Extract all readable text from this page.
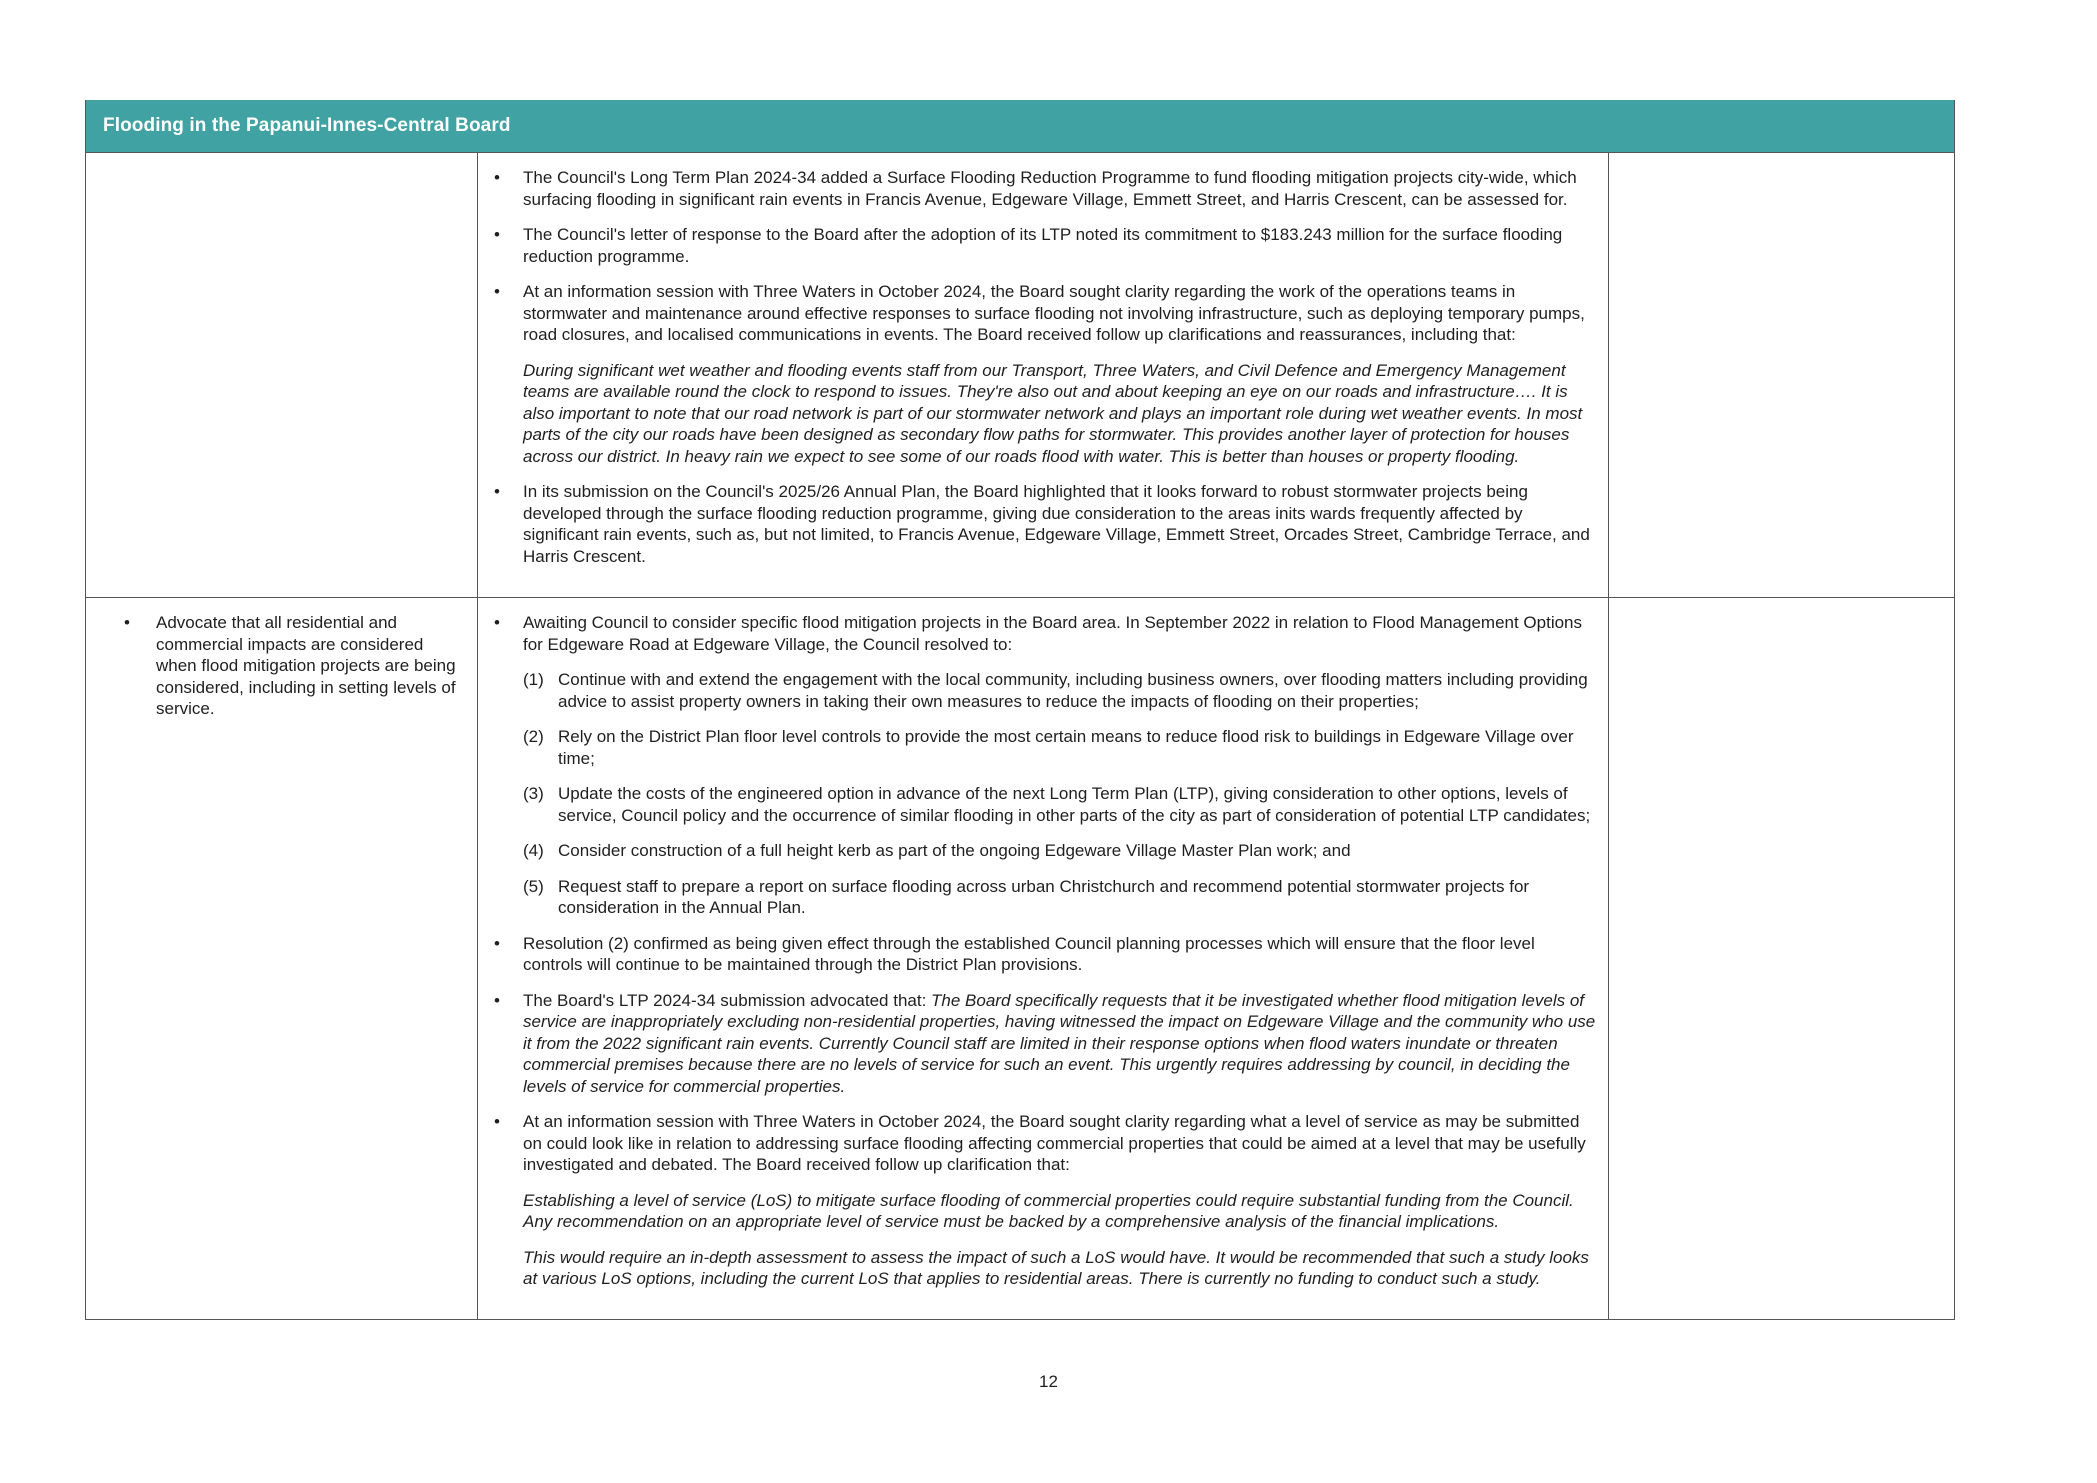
Flooding in the Papanui-Innes-Central Board
• The Council's Long Term Plan 2024-34 added a Surface Flooding Reduction Programme to fund flooding mitigation projects city-wide, which surfacing flooding in significant rain events in Francis Avenue, Edgeware Village, Emmett Street, and Harris Crescent, can be assessed for.
• The Council's letter of response to the Board after the adoption of its LTP noted its commitment to $183.243 million for the surface flooding reduction programme.
• At an information session with Three Waters in October 2024, the Board sought clarity regarding the work of the operations teams in stormwater and maintenance around effective responses to surface flooding not involving infrastructure, such as deploying temporary pumps, road closures, and localised communications in events. The Board received follow up clarifications and reassurances, including that:
During significant wet weather and flooding events staff from our Transport, Three Waters, and Civil Defence and Emergency Management teams are available round the clock to respond to issues. They're also out and about keeping an eye on our roads and infrastructure…. It is also important to note that our road network is part of our stormwater network and plays an important role during wet weather events. In most parts of the city our roads have been designed as secondary flow paths for stormwater. This provides another layer of protection for houses across our district. In heavy rain we expect to see some of our roads flood with water. This is better than houses or property flooding.
• In its submission on the Council's 2025/26 Annual Plan, the Board highlighted that it looks forward to robust stormwater projects being developed through the surface flooding reduction programme, giving due consideration to the areas inits wards frequently affected by significant rain events, such as, but not limited, to Francis Avenue, Edgeware Village, Emmett Street, Orcades Street, Cambridge Terrace, and Harris Crescent.
• Advocate that all residential and commercial impacts are considered when flood mitigation projects are being considered, including in setting levels of service.
• Awaiting Council to consider specific flood mitigation projects in the Board area. In September 2022 in relation to Flood Management Options for Edgeware Road at Edgeware Village, the Council resolved to:
(1) Continue with and extend the engagement with the local community, including business owners, over flooding matters including providing advice to assist property owners in taking their own measures to reduce the impacts of flooding on their properties;
(2) Rely on the District Plan floor level controls to provide the most certain means to reduce flood risk to buildings in Edgeware Village over time;
(3) Update the costs of the engineered option in advance of the next Long Term Plan (LTP), giving consideration to other options, levels of service, Council policy and the occurrence of similar flooding in other parts of the city as part of consideration of potential LTP candidates;
(4) Consider construction of a full height kerb as part of the ongoing Edgeware Village Master Plan work; and
(5) Request staff to prepare a report on surface flooding across urban Christchurch and recommend potential stormwater projects for consideration in the Annual Plan.
• Resolution (2) confirmed as being given effect through the established Council planning processes which will ensure that the floor level controls will continue to be maintained through the District Plan provisions.
• The Board's LTP 2024-34 submission advocated that: The Board specifically requests that it be investigated whether flood mitigation levels of service are inappropriately excluding non-residential properties, having witnessed the impact on Edgeware Village and the community who use it from the 2022 significant rain events. Currently Council staff are limited in their response options when flood waters inundate or threaten commercial premises because there are no levels of service for such an event. This urgently requires addressing by council, in deciding the levels of service for commercial properties.
• At an information session with Three Waters in October 2024, the Board sought clarity regarding what a level of service as may be submitted on could look like in relation to addressing surface flooding affecting commercial properties that could be aimed at a level that may be usefully investigated and debated. The Board received follow up clarification that:
Establishing a level of service (LoS) to mitigate surface flooding of commercial properties could require substantial funding from the Council. Any recommendation on an appropriate level of service must be backed by a comprehensive analysis of the financial implications.
This would require an in-depth assessment to assess the impact of such a LoS would have. It would be recommended that such a study looks at various LoS options, including the current LoS that applies to residential areas. There is currently no funding to conduct such a study.
12
